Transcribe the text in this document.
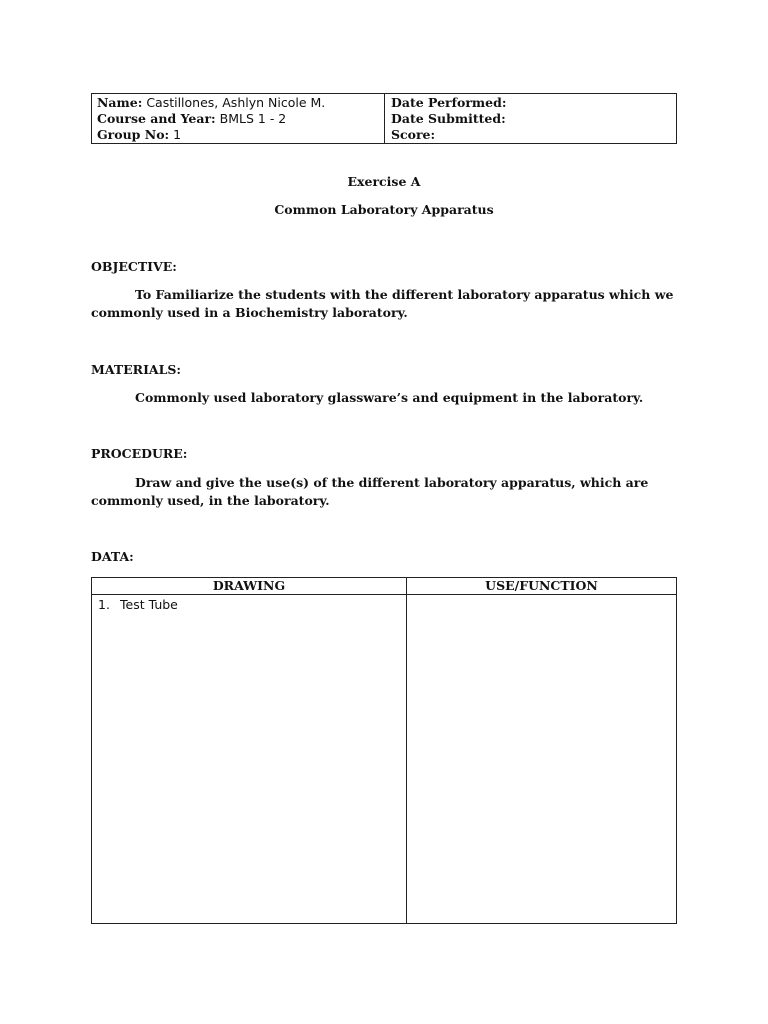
Name: Castillones, Ashlyn Nicole M.
Course and Year: BMLS 1 - 2
Group No: 1
Date Performed:
Date Submitted:
Score:
Exercise A
Common Laboratory Apparatus
OBJECTIVE:
To Familiarize the students with the different laboratory apparatus which we commonly used in a Biochemistry laboratory.
MATERIALS:
Commonly used laboratory glassware’s and equipment in the laboratory.
PROCEDURE:
Draw and give the use(s) of the different laboratory apparatus, which are commonly used, in the laboratory.
DATA:
DRAWING	USE/FUNCTION
1. Test Tube
